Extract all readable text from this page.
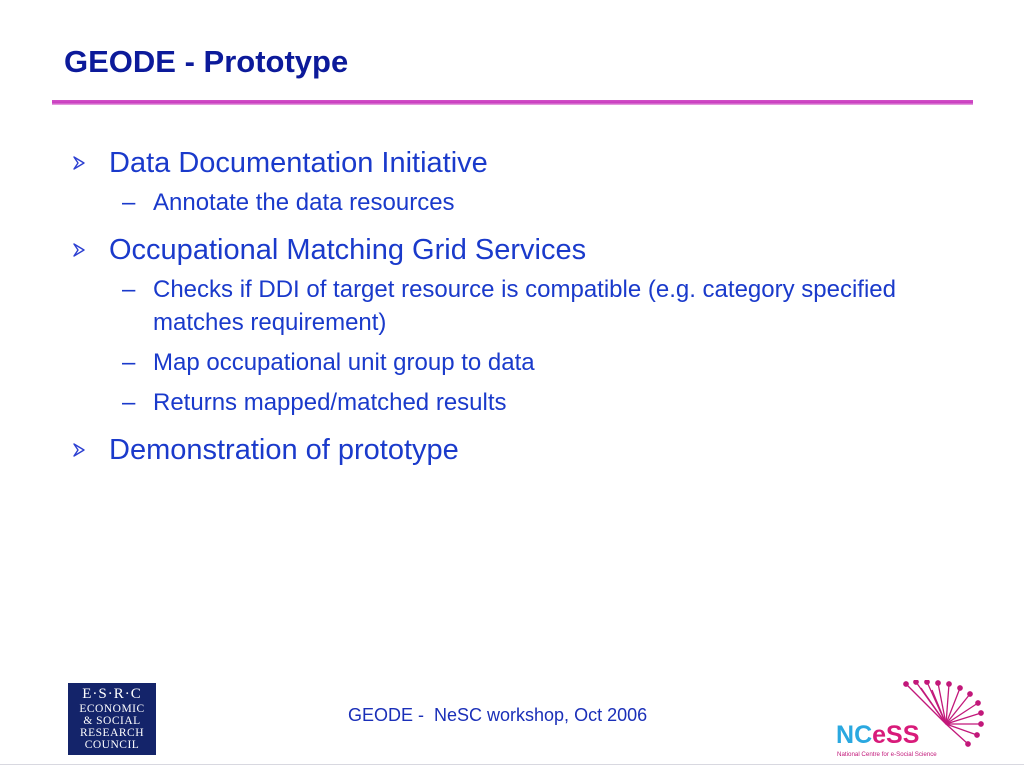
GEODE - Prototype
Data Documentation Initiative
– Annotate the data resources
Occupational Matching Grid Services
– Checks if DDI of target resource is compatible (e.g. category specified matches requirement)
– Map occupational unit group to data
– Returns mapped/matched results
Demonstration of prototype
E·S·R·C
ECONOMIC
& SOCIAL
RESEARCH
COUNCIL
GEODE -  NeSC workshop, Oct 2006
NCeSS
National Centre for e-Social Science
